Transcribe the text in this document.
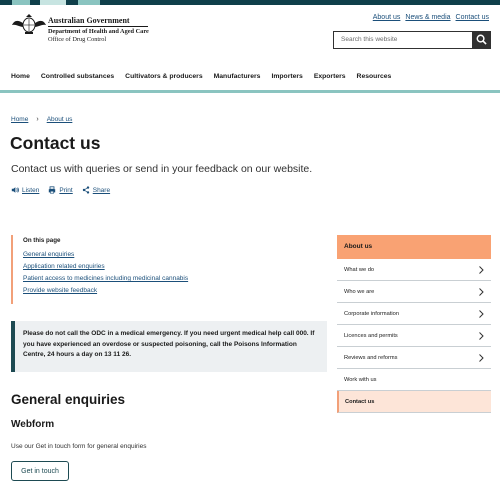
Australian Government
Department of Health and Aged Care
Office of Drug Control
About us News & media Contact us
Search this website
Home Controlled substances Cultivators & producers Manufacturers Importers Exporters Resources
Home › About us
Contact us
Contact us with queries or send in your feedback on our website.
Listen	Print	Share
On this page
General enquiries
Application related enquiries
Patient access to medicines including medicinal cannabis
Provide website feedback
Please do not call the ODC in a medical emergency. If you need urgent medical help call 000. If you have experienced an overdose or suspected poisoning, call the Poisons Information Centre, 24 hours a day on 13 11 26.
General enquiries
Webform
Use our Get in touch form for general enquiries
Get in touch
About us
What we do
Who we are
Corporate information
Licences and permits
Reviews and reforms
Work with us
Contact us
